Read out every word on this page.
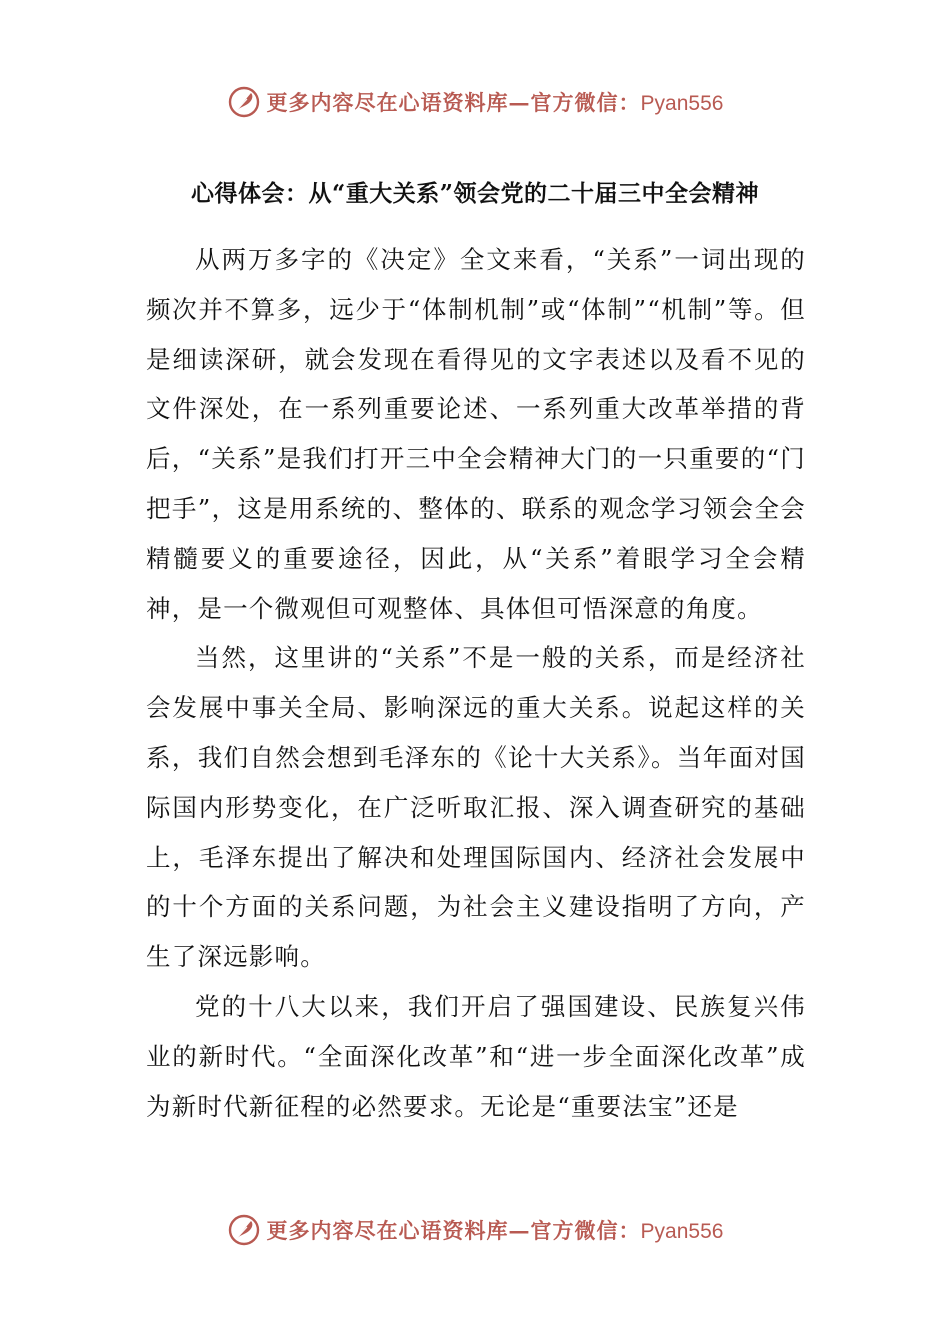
更多内容尽在心语资料库—官方微信：Pyan556
心得体会：从“重大关系”领会党的二十届三中全会精神

从两万多字的《决定》全文来看，“关系”一词出现的频次并不算多，远少于“体制机制”或“体制”“机制”等。但是细读深研，就会发现在看得见的文字表述以及看不见的文件深处，在一系列重要论述、一系列重大改革举措的背后，“关系”是我们打开三中全会精神大门的一只重要的“门把手”，这是用系统的、整体的、联系的观念学习领会全会精髓要义的重要途径，因此，从“关系”着眼学习全会精神，是一个微观但可观整体、具体但可悟深意的角度。

当然，这里讲的“关系”不是一般的关系，而是经济社会发展中事关全局、影响深远的重大关系。说起这样的关系，我们自然会想到毛泽东的《论十大关系》。当年面对国际国内形势变化，在广泛听取汇报、深入调查研究的基础上，毛泽东提出了解决和处理国际国内、经济社会发展中的十个方面的关系问题，为社会主义建设指明了方向，产生了深远影响。

党的十八大以来，我们开启了强国建设、民族复兴伟业的新时代。“全面深化改革”和“进一步全面深化改革”成为新时代新征程的必然要求。无论是“重要法宝”还是

更多内容尽在心语资料库—官方微信：Pyan556
